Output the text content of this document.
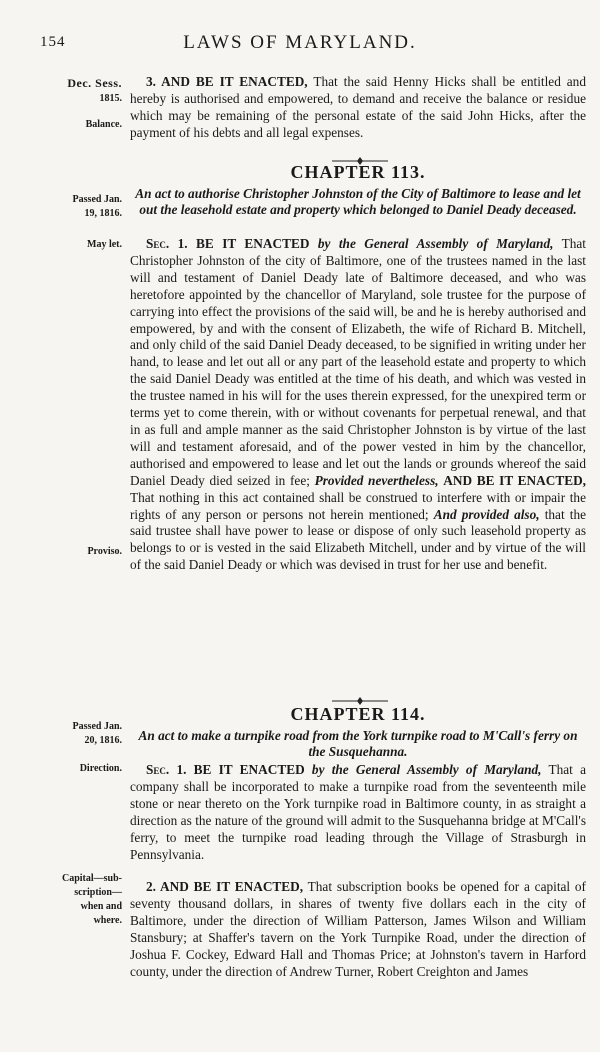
154	LAWS OF MARYLAND.
Dec. Sess.
1815.
Balance.
3. AND BE IT ENACTED, That the said Henny Hicks shall be entitled and hereby is authorised and empowered, to demand and receive the balance or residue which may be remaining of the personal estate of the said John Hicks, after the payment of his debts and all legal expenses.
CHAPTER 113.
Passed Jan.
19, 1816.
An act to authorise Christopher Johnston of the City of Baltimore to lease and let out the leasehold estate and property which belonged to Daniel Deady deceased.
May let.	Sec. 1. BE IT ENACTED by the General Assembly of Maryland, That Christopher Johnston of the city of Baltimore, one of the trustees named in the last will and testament of Daniel Deady late of Baltimore deceased, and who was heretofore appointed by the chancellor of Maryland, sole trustee for the purpose of carrying into effect the provisions of the said will, be and he is hereby authorised and empowered, by and with the consent of Elizabeth, the wife of Richard B. Mitchell, and only child of the said Daniel Deady deceased, to be signified in writing under her hand, to lease and let out all or any part of the leasehold estate and property to which the said Daniel Deady was entitled at the time of his death, and which was vested in the trustee named in his will for the uses therein expressed, for the unexpired term or terms yet to come therein, with or without covenants for perpetual renewal, and that in as full and ample manner as the said Christopher Johnston is by virtue of the last will and testament aforesaid, and of the power vested in him by the chancellor, authorised and empowered to lease and let out the lands or grounds whereof the said Daniel Deady died seized in fee; Provided nevertheless, AND BE IT ENACTED, That nothing in this act contained shall be construed to interfere with or impair the rights of any person or persons not herein mentioned; And provided also, that the said trustee shall have power to lease or dispose of only such leasehold property as belongs to or is vested in the said Elizabeth Mitchell, under and by virtue of the will of the said Daniel Deady or which was devised in trust for her use and benefit.
Proviso.
CHAPTER 114.
Passed Jan.
20, 1816.	An act to make a turnpike road from the York turnpike road to M'Call's ferry on the Susquehanna.
Direction.	Sec. 1. BE IT ENACTED by the General Assembly of Maryland, That a company shall be incorporated to make a turnpike road from the seventeenth mile stone or near thereto on the York turnpike road in Baltimore county, in as straight a direction as the nature of the ground will admit to the Susquehanna bridge at M'Call's ferry, to meet the turnpike road leading through the Village of Strasburgh in Pennsylvania.
Capital—sub-
scription—
when and
where.
2. AND BE IT ENACTED, That subscription books be opened for a capital of seventy thousand dollars, in shares of twenty five dollars each in the city of Baltimore, under the direction of William Patterson, James Wilson and William Stansbury; at Shaffer's tavern on the York Turnpike Road, under the direction of Joshua F. Cockey, Edward Hall and Thomas Price; at Johnston's tavern in Harford county, under the direction of Andrew Turner, Robert Creighton and James
